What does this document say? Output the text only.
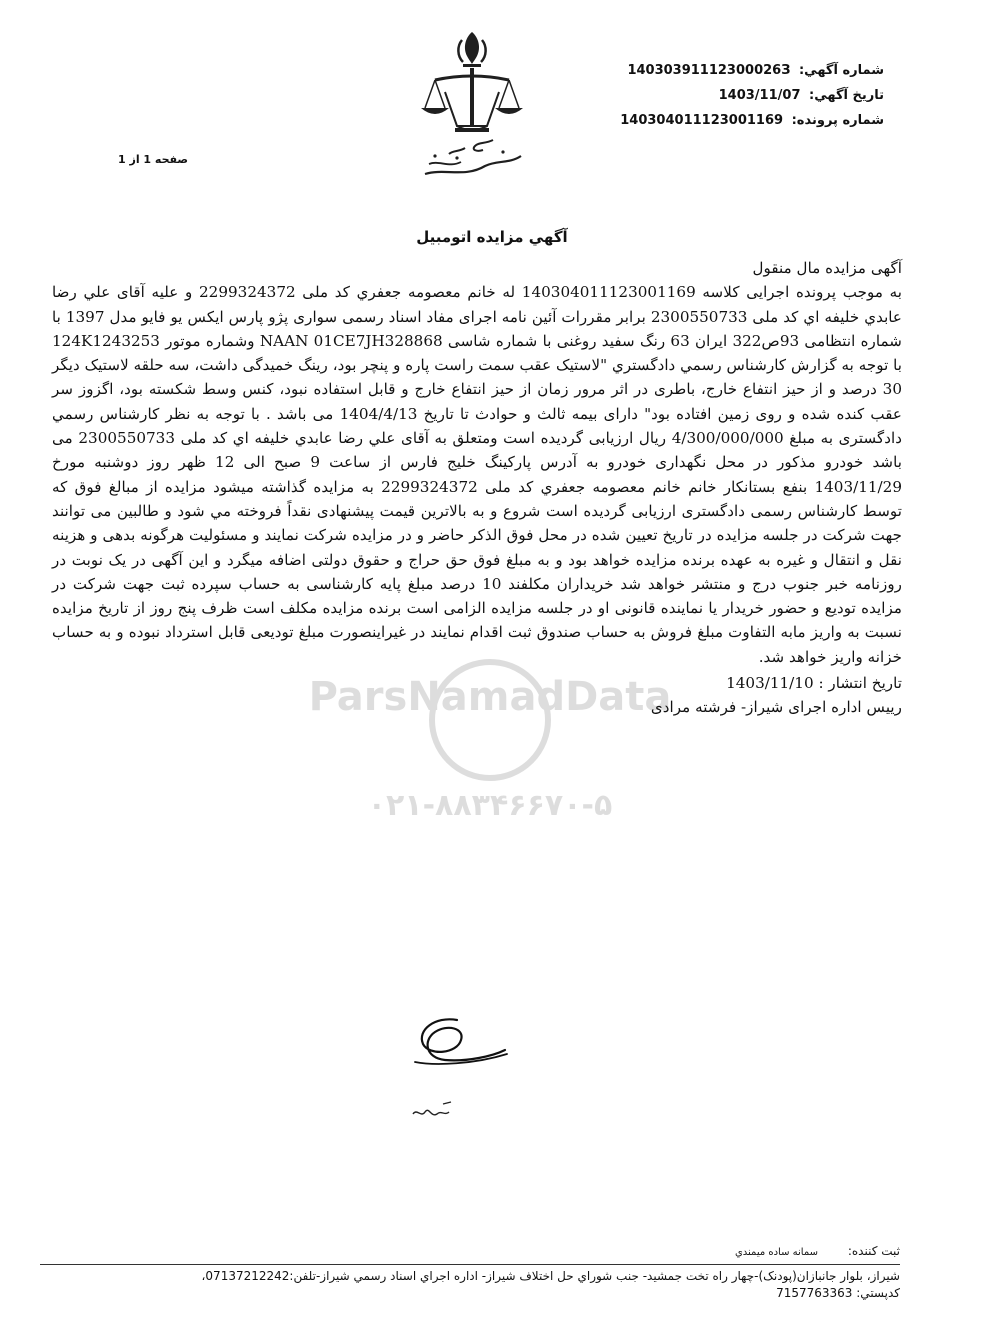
شماره آگهي: 14030391112300026З
تاريخ آگهي: 1403/11/07
شماره پرونده: 140304011123001169
صفحه 1 از 1
آگهي مزايده اتومبيل
ParsNamadData
۰۲۱-۸۸۳۴۶۶۷۰-۵

آگهی مزایده مال منقول

به موجب پرونده اجرایی کلاسه 140304011123001169 له خانم معصومه جعفري کد ملی 2299324372 و علیه آقای علي رضا عابدي خليفه اي کد ملی 2300550733 برابر مقررات آئین نامه اجرای مفاد اسناد رسمی سواری پژو پارس ایکس یو فایو مدل 1397 با شماره انتظامی 93ص322 ایران 63 رنگ سفید روغنی با شماره شاسی NAAN 01CE7JH328868 وشماره موتور 124K1243253 با توجه به گزارش کارشناس رسمي دادگستري "لاستیک عقب سمت راست پاره و پنچر بود، رینگ خمیدگی داشت، سه حلقه لاستیک دیگر 30 درصد و از حیز انتفاع خارج، باطری در اثر مرور زمان از حیز انتفاع خارج و قابل استفاده نبود، کنس وسط شکسته بود، اگزوز سر عقب کنده شده و روی زمین افتاده بود" دارای بیمه ثالث و حوادث تا تاریخ 1404/4/13 می باشد . با توجه به نظر کارشناس رسمي دادگستری به مبلغ 4/300/000/000 ريال ارزيابی گرديده است ومتعلق به آقای علي رضا عابدي خليفه اي کد ملی 2300550733 می باشد خودرو مذکور در محل نگهداری خودرو به آدرس پارکینگ خلیج فارس از ساعت 9 صبح الی 12 ظهر روز دوشنبه مورخ 1403/11/29 بنفع بستانکار خانم خانم معصومه جعفري کد ملی 2299324372 به مزایده گذاشته میشود مزایده از مبالغ فوق که توسط کارشناس رسمی دادگستری ارزیابی گردیده است شروع و به بالاترین قیمت پیشنهادی نقداً فروخته مي شود و طالبین می توانند جهت شرکت در جلسه مزایده در تاریخ تعیین شده در محل فوق الذکر حاضر و در مزایده شرکت نمایند و مسئولیت هرگونه بدهی و هزینه نقل و انتقال و غیره به عهده برنده مزایده خواهد بود و به مبلغ فوق حق حراج و حقوق دولتی اضافه میگرد و این آگهی در یک نوبت در روزنامه خبر جنوب درج و منتشر خواهد شد خریداران مکلفند 10 درصد مبلغ پایه کارشناسی به حساب سپرده ثبت جهت شرکت در مزایده تودیع و حضور خریدار یا نماینده قانونی او در جلسه مزایده الزامی است برنده مزایده مکلف است ظرف پنج روز از تاریخ مزایده نسبت به واریز مابه التفاوت مبلغ فروش به حساب صندوق ثبت اقدام نمایند در غیراینصورت مبلغ تودیعی قابل استرداد نبوده و به حساب خزانه واریز خواهد شد.

تاريخ انتشار : 1403/11/10

رييس اداره اجرای شیراز- فرشته مرادی

ثبت کننده: سمانه ساده میمندي
شیراز، بلوار جانبازان(پودنک)-چهار راه تخت جمشید- جنب شوراي حل اختلاف شیراز- اداره اجراي اسناد رسمي شیراز-تلفن:07137212242،
کدپستي: 7157763363
